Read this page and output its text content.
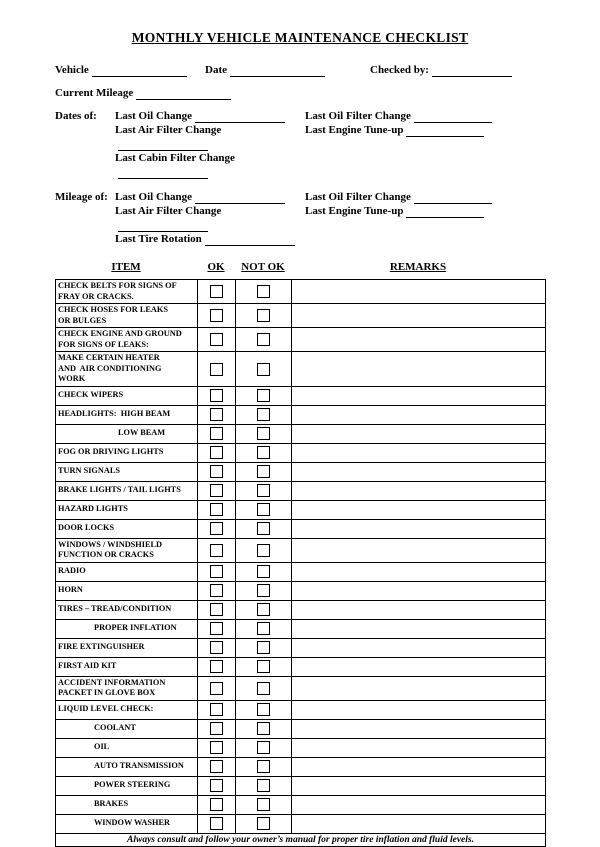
MONTHLY VEHICLE MAINTENANCE CHECKLIST
Vehicle	Date	Checked by:
Current Mileage
Dates of:	Last Oil Change	Last Oil Filter Change
Last Air Filter Change	Last Engine Tune-up
Last Cabin Filter Change
Mileage of: Last Oil Change	Last Oil Filter Change
Last Air Filter Change	Last Engine Tune-up
Last Tire Rotation
ITEM	OK	NOT OK	REMARKS
CHECK BELTS FOR SIGNS OF
FRAY OR CRACKS.			

CHECK HOSES FOR LEAKS
OR BULGES			

CHECK ENGINE AND GROUND
FOR SIGNS OF LEAKS:			

MAKE CERTAIN HEATER
AND  AIR CONDITIONING
WORK			

CHECK WIPERS			

HEADLIGHTS:  HIGH BEAM			

LOW BEAM			

FOG OR DRIVING LIGHTS			

TURN SIGNALS			

BRAKE LIGHTS / TAIL LIGHTS			

HAZARD LIGHTS			

DOOR LOCKS			

WINDOWS / WINDSHIELD
FUNCTION OR CRACKS			

RADIO			

HORN			

TIRES – TREAD/CONDITION			

PROPER INFLATION			

FIRE EXTINGUISHER			

FIRST AID KIT			

ACCIDENT INFORMATION
PACKET IN GLOVE BOX			

LIQUID LEVEL CHECK:			

COOLANT			

OIL			

AUTO TRANSMISSION			

POWER STEERING			

BRAKES			

WINDOW WASHER			

Always consult and follow your owner’s manual for proper tire inflation and fluid levels.			
